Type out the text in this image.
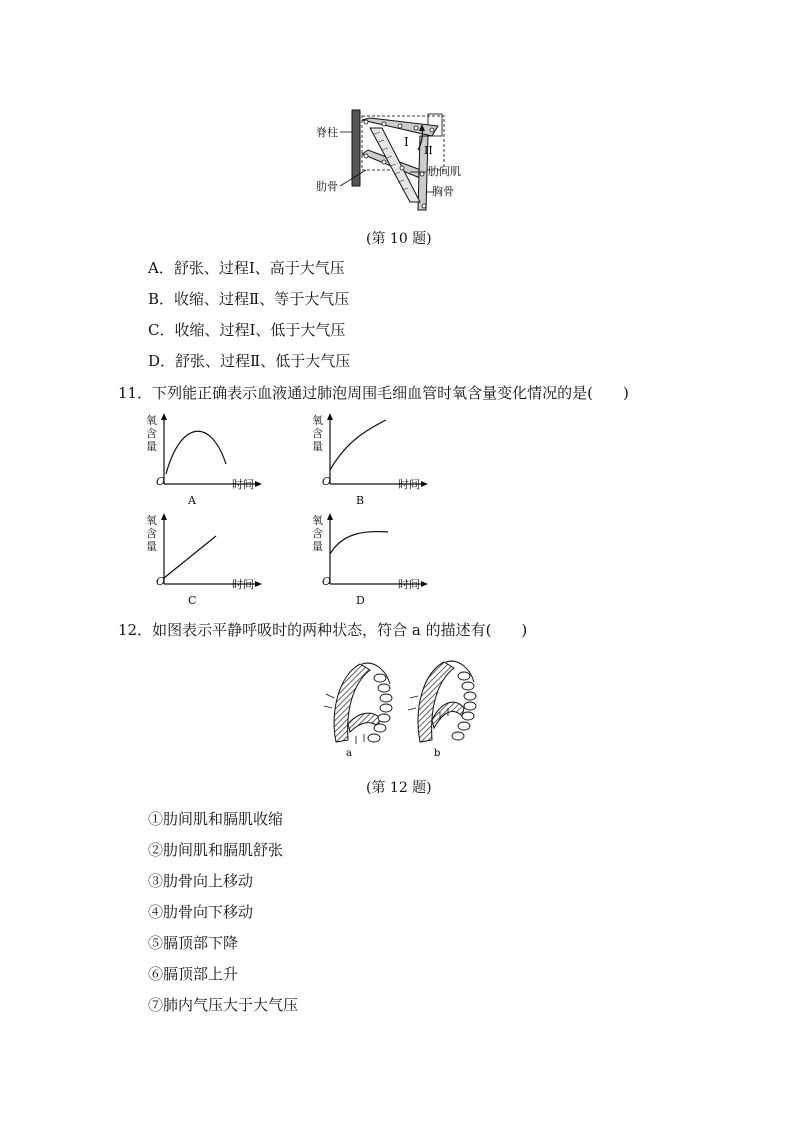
I
II
脊柱
肋骨
肋间肌
胸骨
(第 10 题)
A．舒张、过程Ⅰ、高于大气压
B．收缩、过程Ⅱ、等于大气压
C．收缩、过程Ⅰ、低于大气压
D．舒张、过程Ⅱ、低于大气压
11．下列能正确表示血液通过肺泡周围毛细血管时氧含量变化情况的是(　　)
氧
含
量
O	时间
A
氧
含
量
O	时间
B
氧
含
量
O	时间
C
氧
含
量
O	时间
D
12．如图表示平静呼吸时的两种状态，符合 a 的描述有(　　)
a	b
(第 12 题)
①肋间肌和膈肌收缩
②肋间肌和膈肌舒张
③肋骨向上移动
④肋骨向下移动
⑤膈顶部下降
⑥膈顶部上升
⑦肺内气压大于大气压
